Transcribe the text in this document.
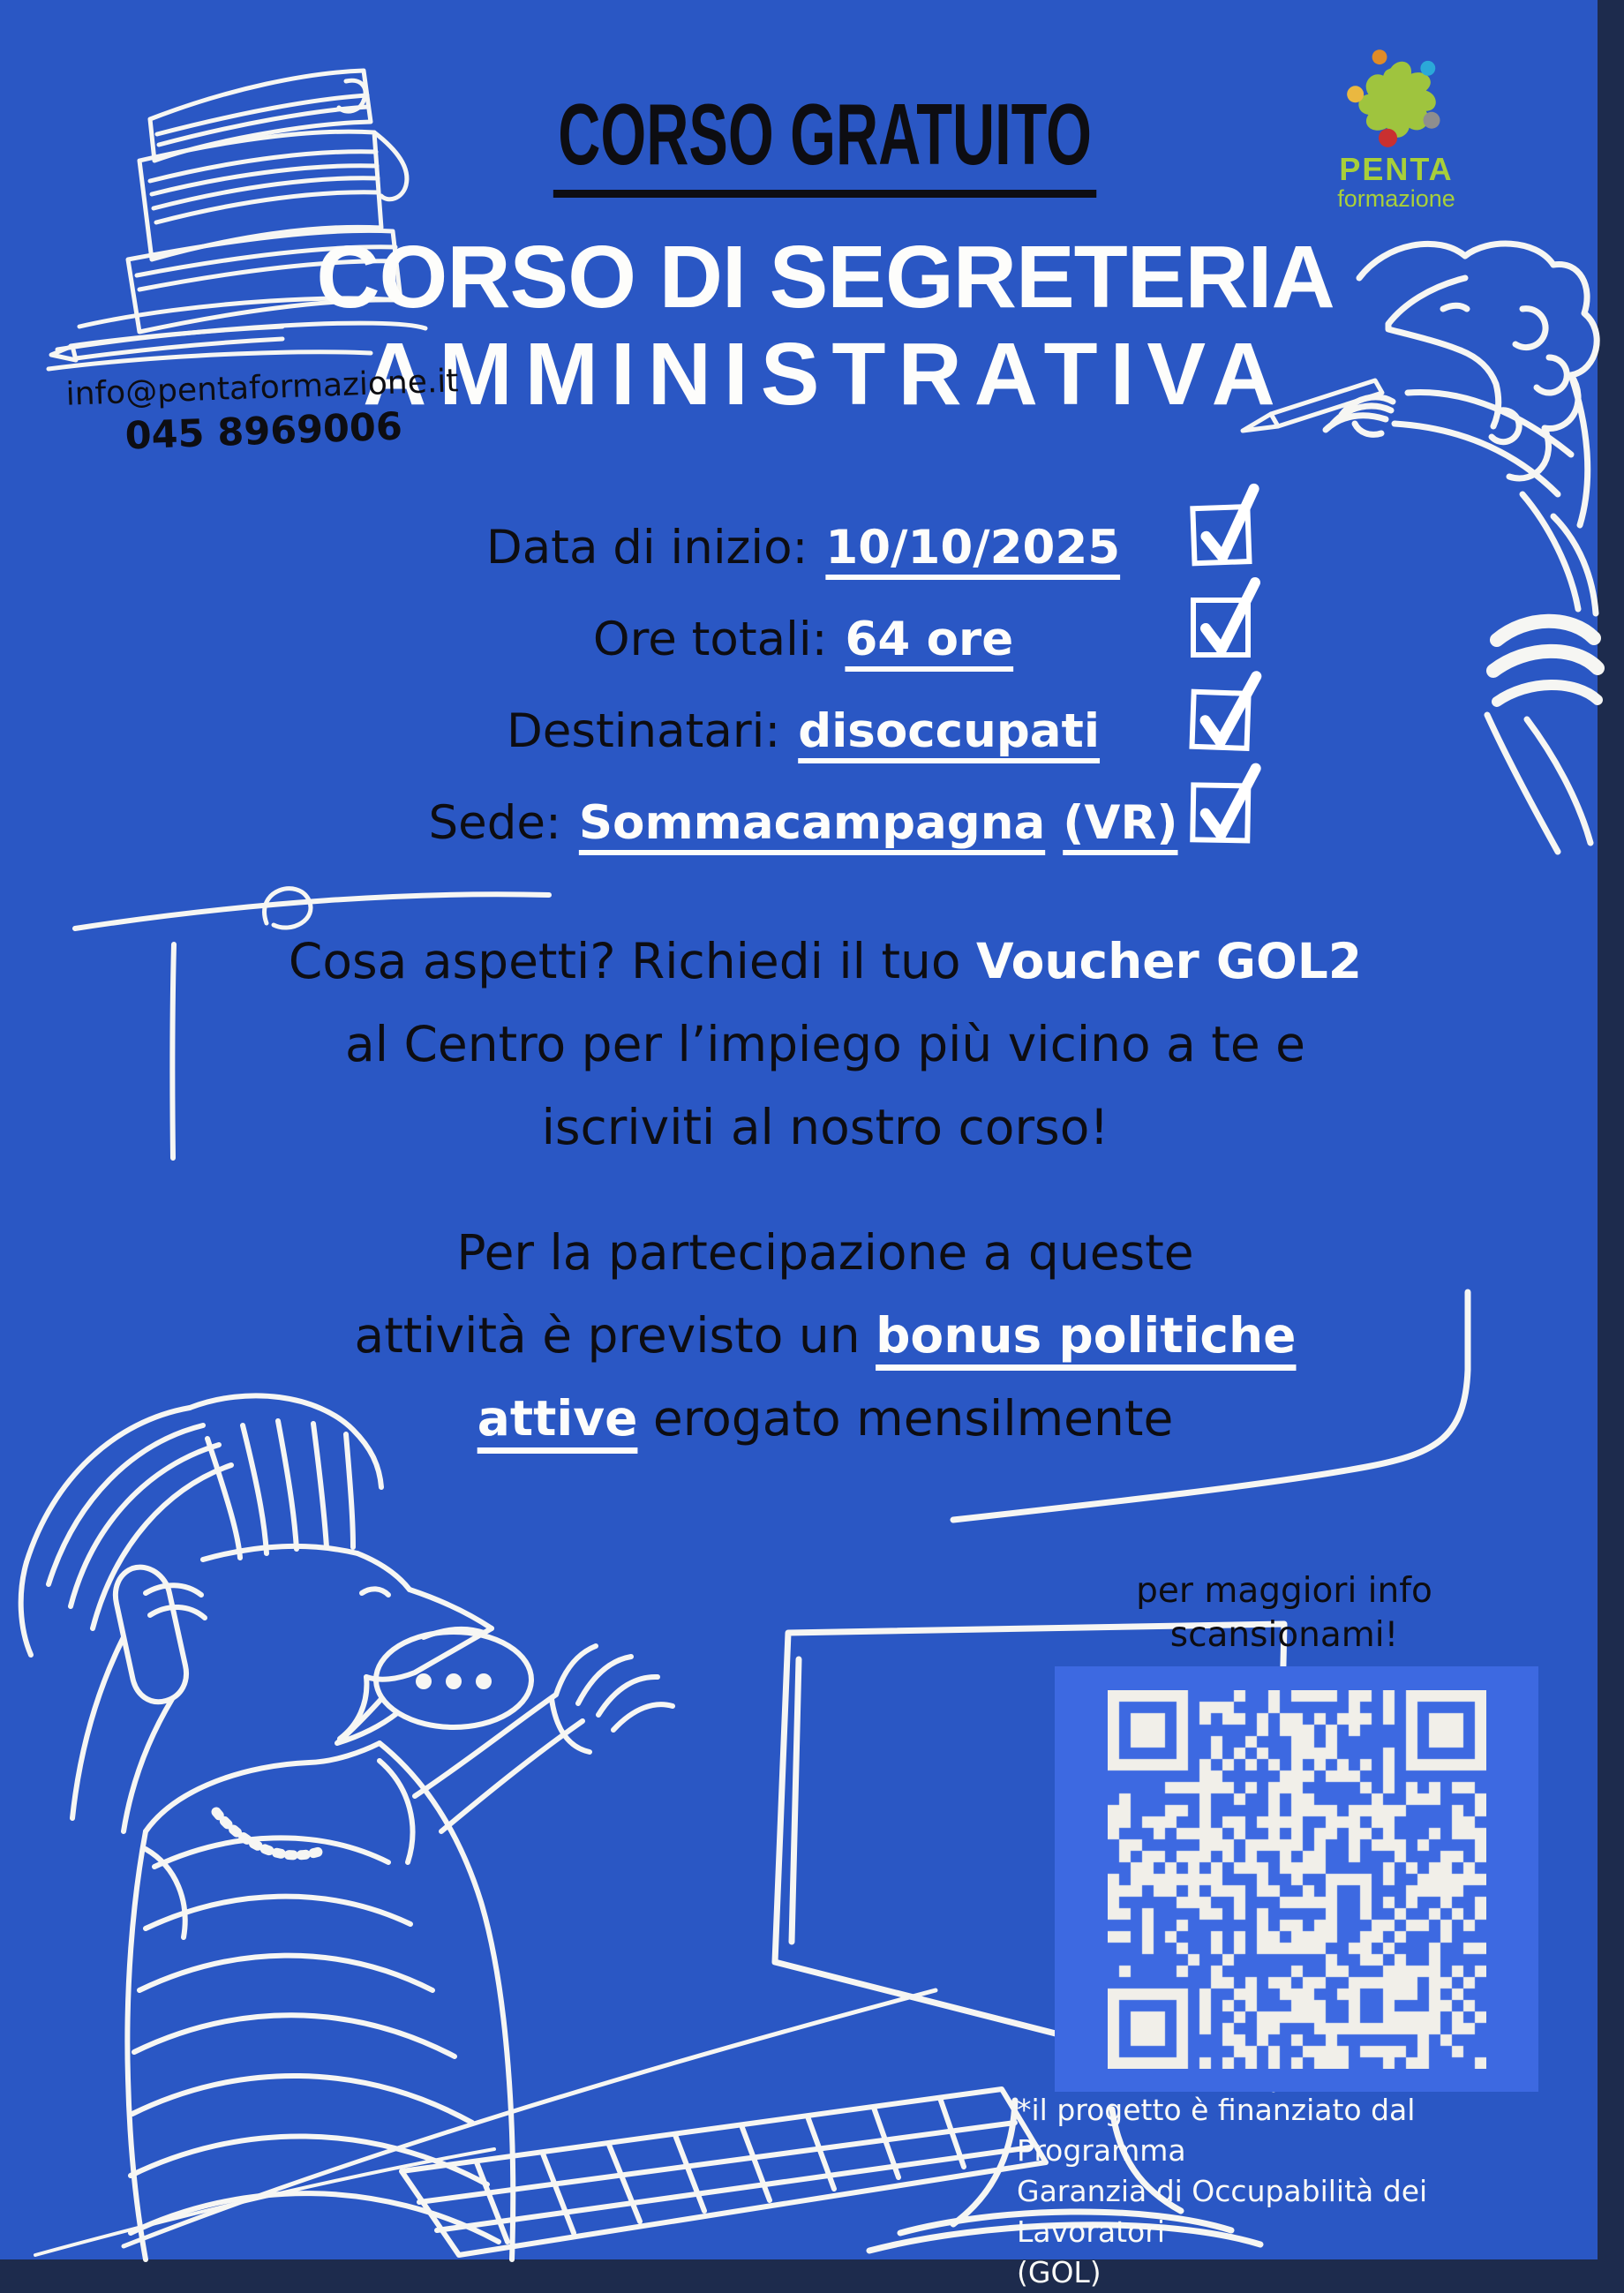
CORSO GRATUITO
CORSO DI SEGRETERIA
AMMINISTRATIVA
PENTA
formazione
info@pentaformazione.it
045 8969006
Data di inizio: 10/10/2025
Ore totali: 64 ore
Destinatari: disoccupati
Sede: Sommacampagna (VR)
Cosa aspetti? Richiedi il tuo Voucher GOL2
al Centro per l’impiego più vicino a te e
iscriviti al nostro corso!
Per la partecipazione a queste
attività è previsto un bonus politiche
attive erogato mensilmente
per maggiori info
scansionami!
*il progetto è finanziato dal Programma
Garanzia di Occupabilità dei Lavoratori
(GOL)
